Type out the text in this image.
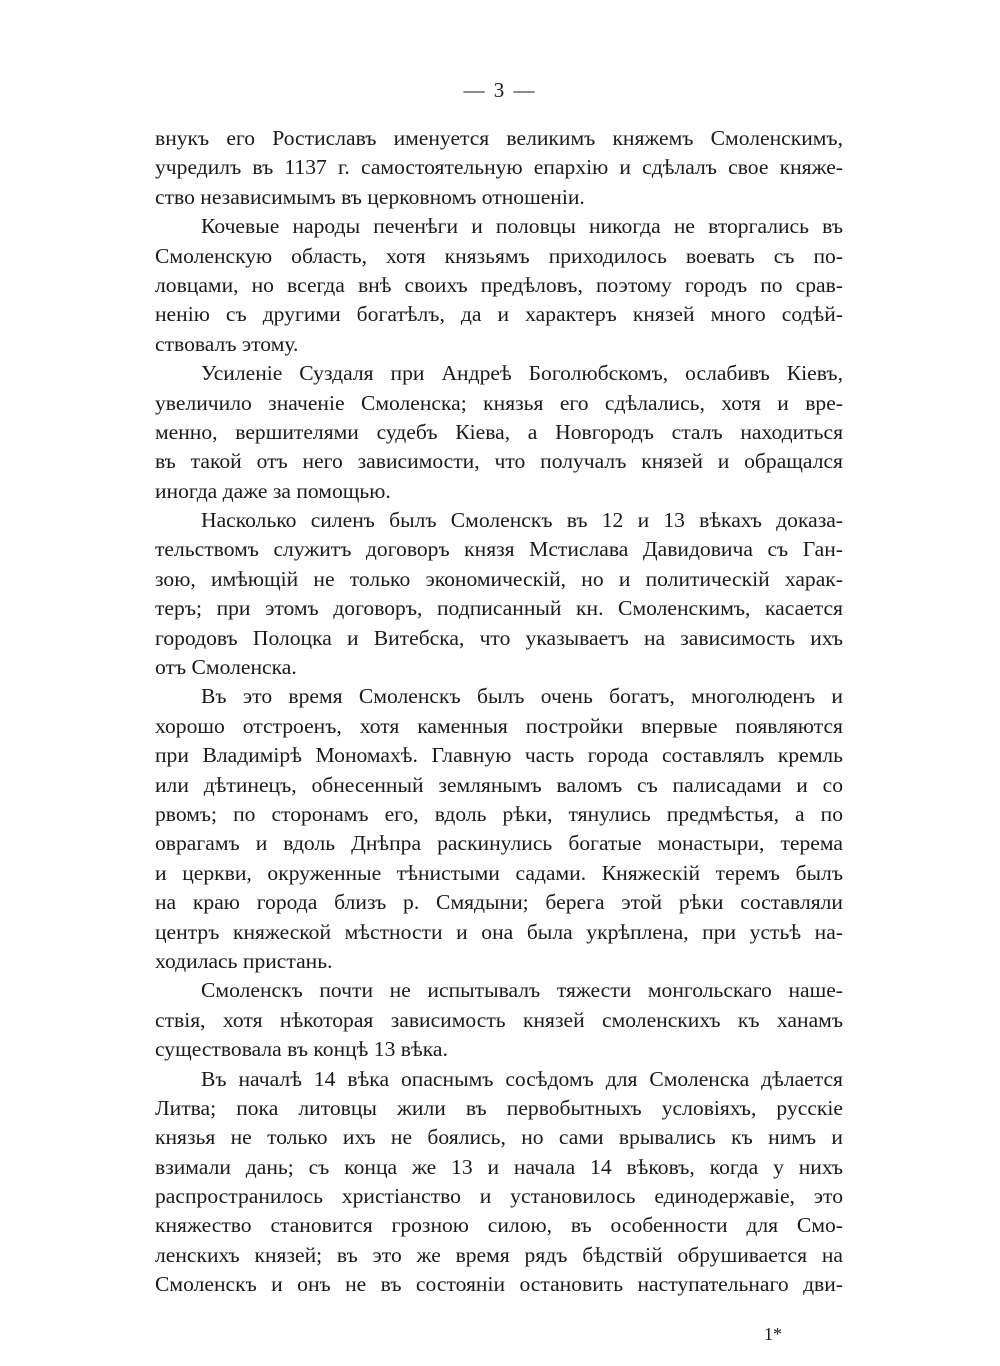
— 3 —

внукъ его Ростиславъ именуется великимъ княжемъ Смоленскимъ,
учредилъ въ 1137 г. самостоятельную епархію и сдѣлалъ свое княже-
ство независимымъ въ церковномъ отношеніи.

Кочевые народы печенѣги и половцы никогда не вторгались въ
Смоленскую область, хотя князьямъ приходилось воевать съ по-
ловцами, но всегда внѣ своихъ предѣловъ, поэтому городъ по срав-
ненію съ другими богатѣлъ, да и характеръ князей много содѣй-
ствовалъ этому.

Усиленіе Суздаля при Андреѣ Боголюбскомъ, ослабивъ Кіевъ,
увеличило значеніе Смоленска; князья его сдѣлались, хотя и вре-
менно, вершителями судебъ Кіева, а Новгородъ сталъ находиться
въ такой отъ него зависимости, что получалъ князей и обращался
иногда даже за помощью.

Насколько силенъ былъ Смоленскъ въ 12 и 13 вѣкахъ доказа-
тельствомъ служитъ договоръ князя Мстислава Давидовича съ Ган-
зою, имѣющій не только экономическій, но и политическій харак-
теръ; при этомъ договоръ, подписанный кн. Смоленскимъ, касается
городовъ Полоцка и Витебска, что указываетъ на зависимость ихъ
отъ Смоленска.

Въ это время Смоленскъ былъ очень богатъ, многолюденъ и
хорошо отстроенъ, хотя каменныя постройки впервые появляются
при Владимірѣ Мономахѣ. Главную часть города составлялъ кремль
или дѣтинецъ, обнесенный землянымъ валомъ съ палисадами и со
рвомъ; по сторонамъ его, вдоль рѣки, тянулись предмѣстья, а по
оврагамъ и вдоль Днѣпра раскинулись богатые монастыри, терема
и церкви, окруженные тѣнистыми садами. Княжескій теремъ былъ
на краю города близъ р. Смядыни; берега этой рѣки составляли
центръ княжеской мѣстности и она была укрѣплена, при устьѣ на-
ходилась пристань.

Смоленскъ почти не испытывалъ тяжести монгольскаго наше-
ствія, хотя нѣкоторая зависимость князей смоленскихъ къ ханамъ
существовала въ концѣ 13 вѣка.

Въ началѣ 14 вѣка опаснымъ сосѣдомъ для Смоленска дѣлается
Литва; пока литовцы жили въ первобытныхъ условіяхъ, русскіе
князья не только ихъ не боялись, но сами врывались къ нимъ и
взимали дань; съ конца же 13 и начала 14 вѣковъ, когда у нихъ
распространилось христіанство и установилось единодержавіе, это
княжество становится грозною силою, въ особенности для Смо-
ленскихъ князей; въ это же время рядъ бѣдствій обрушивается на
Смоленскъ и онъ не въ состояніи остановить наступательнаго дви-

1*
